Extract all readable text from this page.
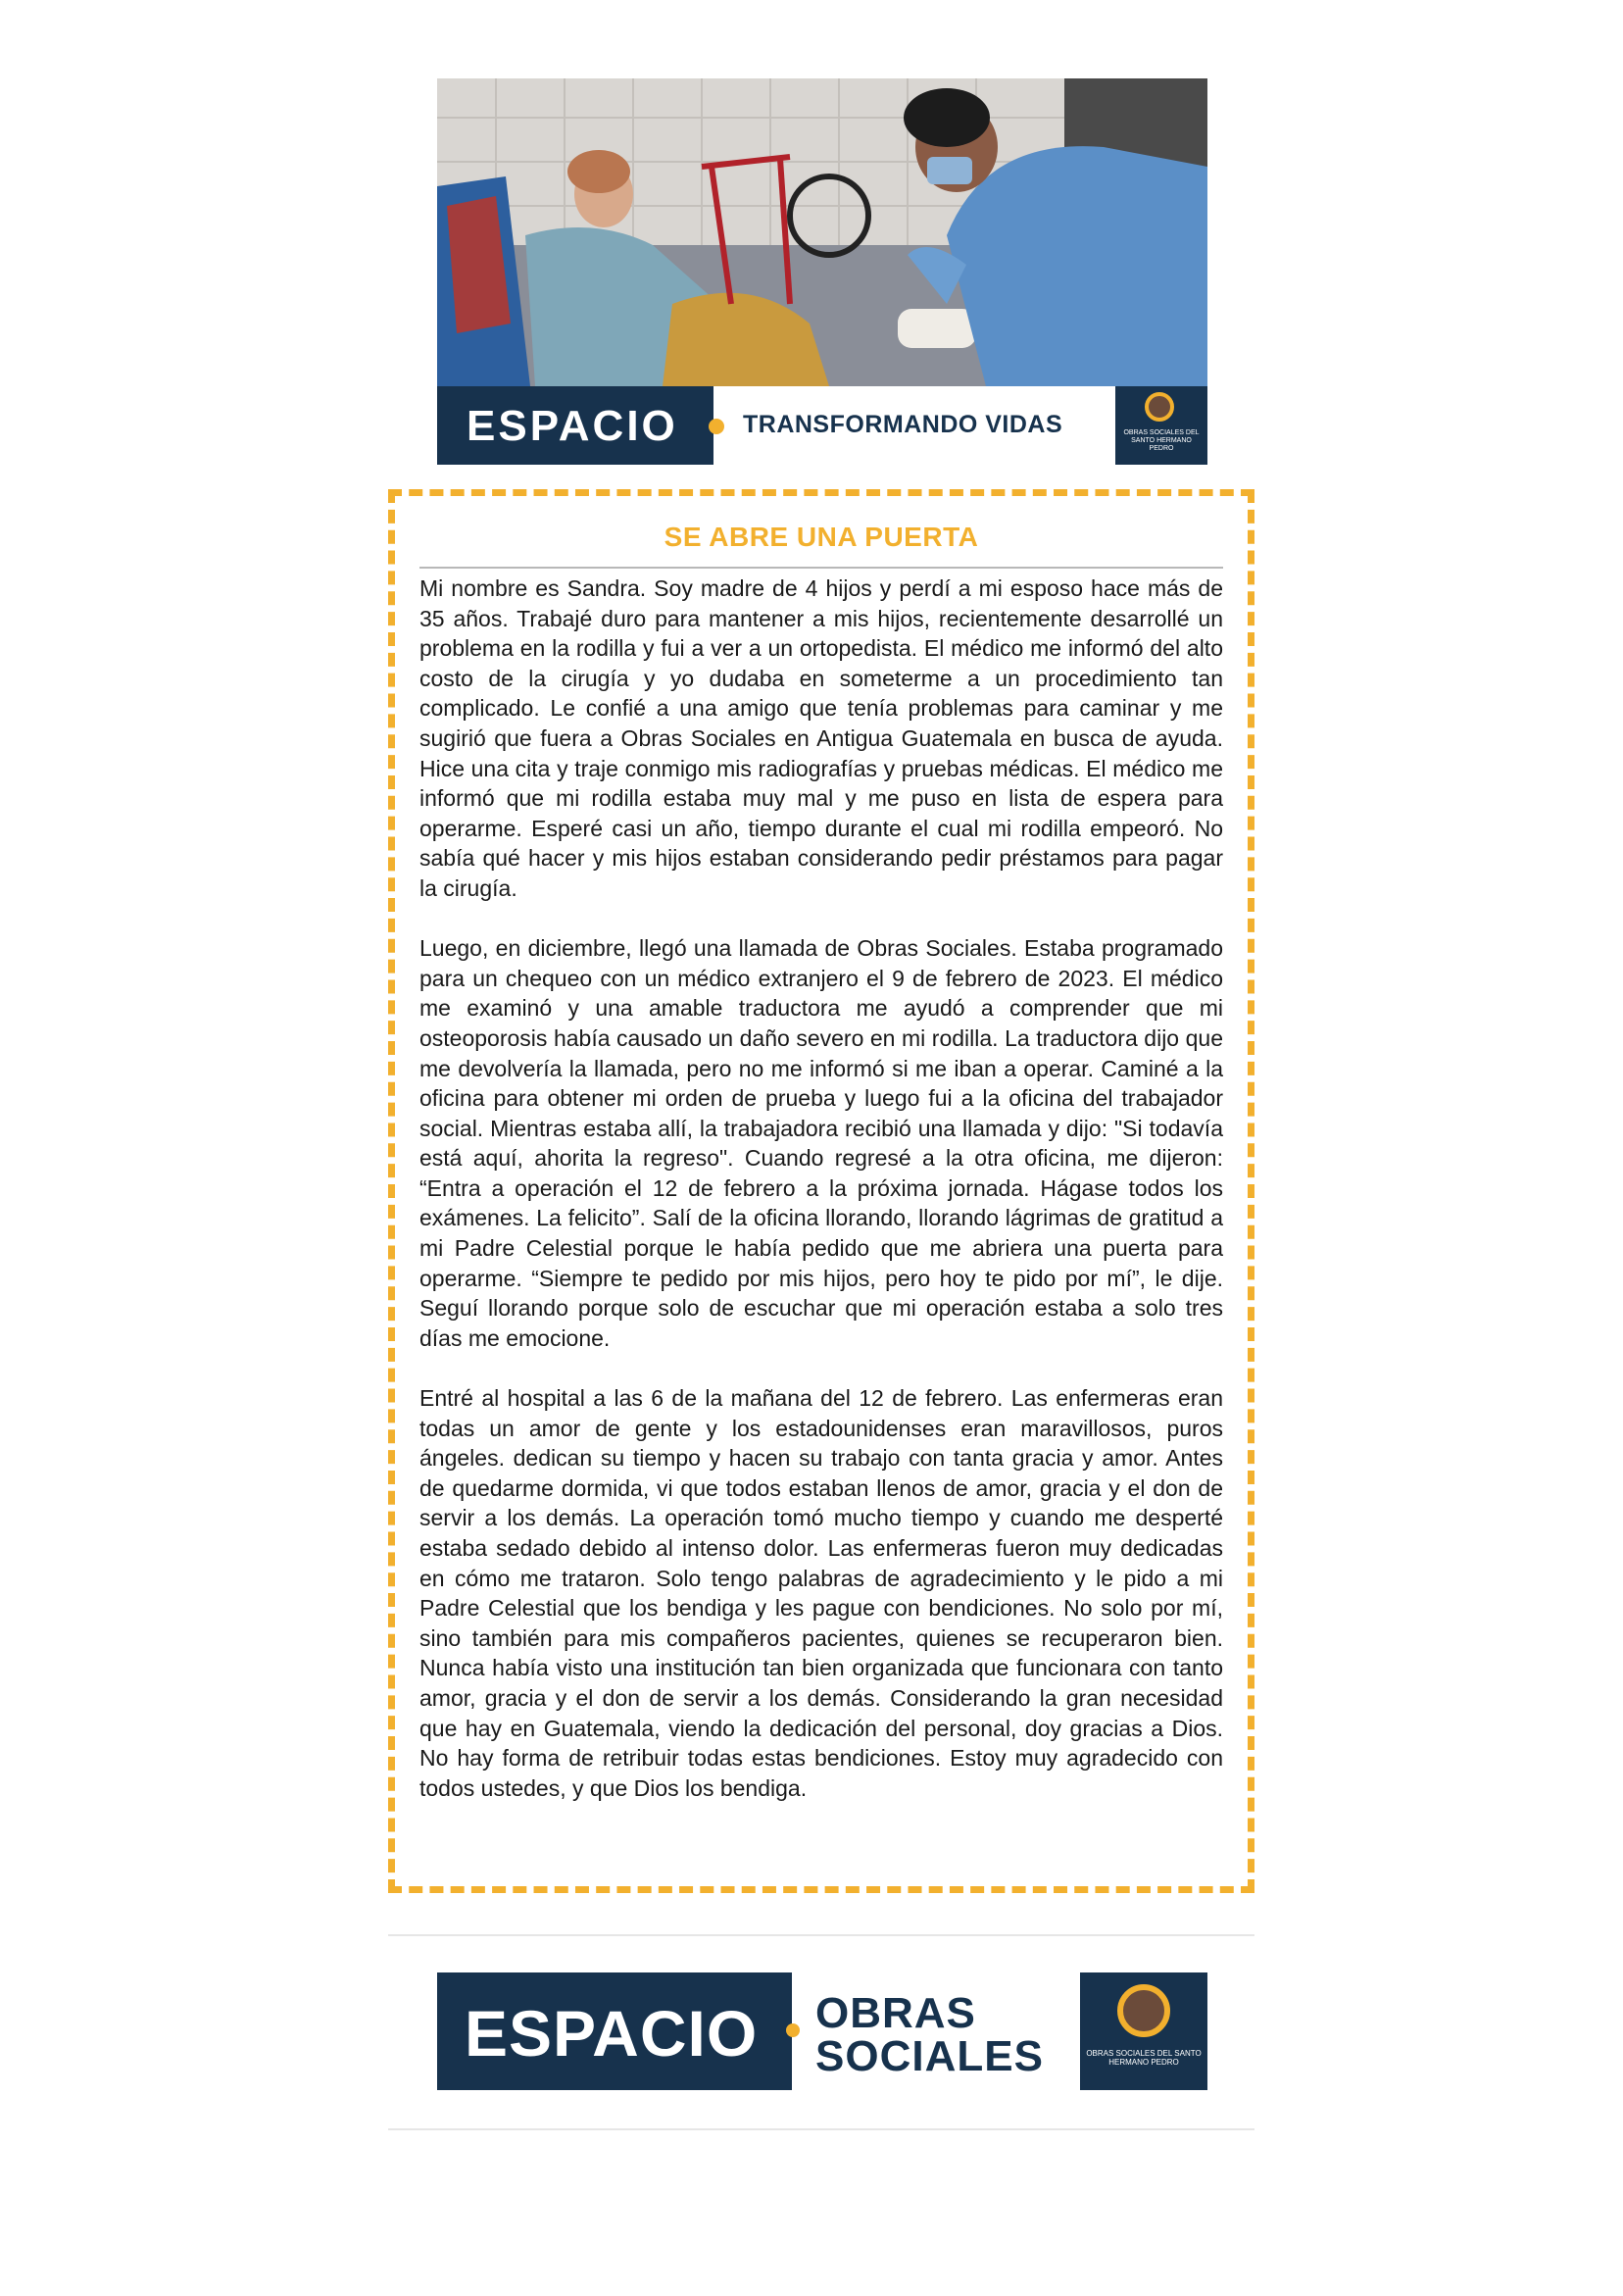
ESPACIO	TRANSFORMANDO VIDAS	OBRAS SOCIALES DEL SANTO HERMANO PEDRO
SE ABRE UNA PUERTA

Mi nombre es Sandra. Soy madre de 4 hijos y perdí a mi esposo hace más de 35 años. Trabajé duro para mantener a mis hijos, recientemente desarrollé un problema en la rodilla y fui a ver a un ortopedista. El médico me informó del alto costo de la cirugía y yo dudaba en someterme a un procedimiento tan complicado. Le confié a una amigo que tenía problemas para caminar y me sugirió que fuera a Obras Sociales en Antigua Guatemala en busca de ayuda. Hice una cita y traje conmigo mis radiografías y pruebas médicas. El médico me informó que mi rodilla estaba muy mal y me puso en lista de espera para operarme. Esperé casi un año, tiempo durante el cual mi rodilla empeoró. No sabía qué hacer y mis hijos estaban considerando pedir préstamos para pagar la cirugía.

Luego, en diciembre, llegó una llamada de Obras Sociales. Estaba programado para un chequeo con un médico extranjero el 9 de febrero de 2023. El médico me examinó y una amable traductora me ayudó a comprender que mi osteoporosis había causado un daño severo en mi rodilla. La traductora dijo que me devolvería la llamada, pero no me informó si me iban a operar. Caminé a la oficina para obtener mi orden de prueba y luego fui a la oficina del trabajador social. Mientras estaba allí, la trabajadora recibió una llamada y dijo: "Si todavía está aquí, ahorita la regreso". Cuando regresé a la otra oficina, me dijeron: “Entra a operación el 12 de febrero a la próxima jornada. Hágase todos los exámenes. La felicito”. Salí de la oficina llorando, llorando lágrimas de gratitud a mi Padre Celestial porque le había pedido que me abriera una puerta para operarme. “Siempre te pedido por mis hijos, pero hoy te pido por mí”, le dije. Seguí llorando porque solo de escuchar que mi operación estaba a solo tres días me emocione.

Entré al hospital a las 6 de la mañana del 12 de febrero. Las enfermeras eran todas un amor de gente y los estadounidenses eran maravillosos, puros ángeles. dedican su tiempo y hacen su trabajo con tanta gracia y amor. Antes de quedarme dormida, vi que todos estaban llenos de amor, gracia y el don de servir a los demás. La operación tomó mucho tiempo y cuando me desperté estaba sedado debido al intenso dolor. Las enfermeras fueron muy dedicadas en cómo me trataron. Solo tengo palabras de agradecimiento y le pido a mi Padre Celestial que los bendiga y les pague con bendiciones. No solo por mí, sino también para mis compañeros pacientes, quienes se recuperaron bien. Nunca había visto una institución tan bien organizada que funcionara con tanto amor, gracia y el don de servir a los demás. Considerando la gran necesidad que hay en Guatemala, viendo la dedicación del personal, doy gracias a Dios. No hay forma de retribuir todas estas bendiciones. Estoy muy agradecido con todos ustedes, y que Dios los bendiga.

ESPACIO OBRAS
SOCIALES	OBRAS SOCIALES DEL SANTO HERMANO PEDRO
